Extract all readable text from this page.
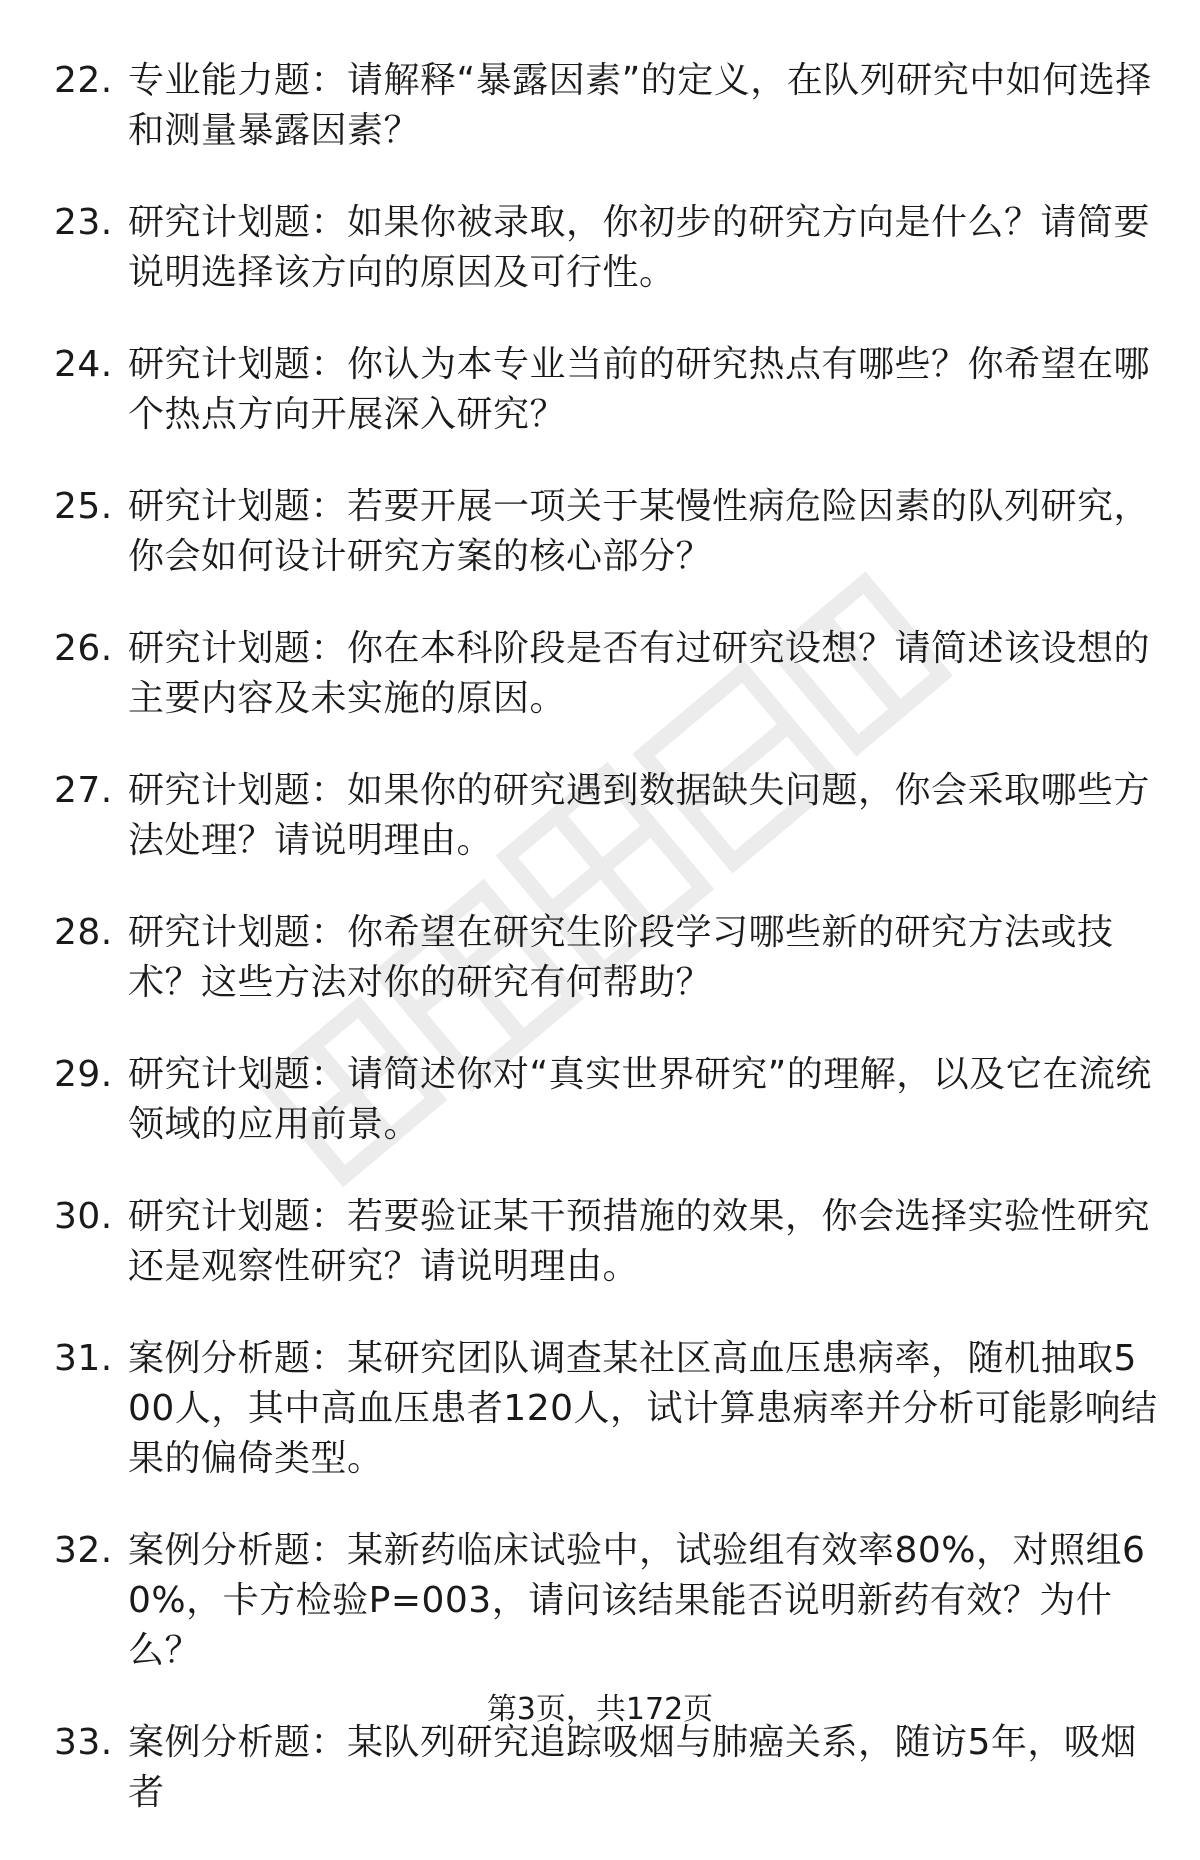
22. 专业能力题：请解释“暴露因素”的定义，在队列研究中如何选择和测量暴露因素？
23. 研究计划题：如果你被录取，你初步的研究方向是什么？请简要说明选择该方向的原因及可行性。
24. 研究计划题：你认为本专业当前的研究热点有哪些？你希望在哪个热点方向开展深入研究？
25. 研究计划题：若要开展一项关于某慢性病危险因素的队列研究，你会如何设计研究方案的核心部分？
26. 研究计划题：你在本科阶段是否有过研究设想？请简述该设想的主要内容及未实施的原因。
27. 研究计划题：如果你的研究遇到数据缺失问题，你会采取哪些方法处理？请说明理由。
28. 研究计划题：你希望在研究生阶段学习哪些新的研究方法或技术？这些方法对你的研究有何帮助？
29. 研究计划题：请简述你对“真实世界研究”的理解，以及它在流统领域的应用前景。
30. 研究计划题：若要验证某干预措施的效果，你会选择实验性研究还是观察性研究？请说明理由。
31. 案例分析题：某研究团队调查某社区高血压患病率，随机抽取500人，其中高血压患者120人，试计算患病率并分析可能影响结果的偏倚类型。
32. 案例分析题：某新药临床试验中，试验组有效率80%，对照组60%，卡方检验P=003，请问该结果能否说明新药有效？为什么？
33. 案例分析题：某队列研究追踪吸烟与肺癌关系，随访5年，吸烟者
第3页，共172页
